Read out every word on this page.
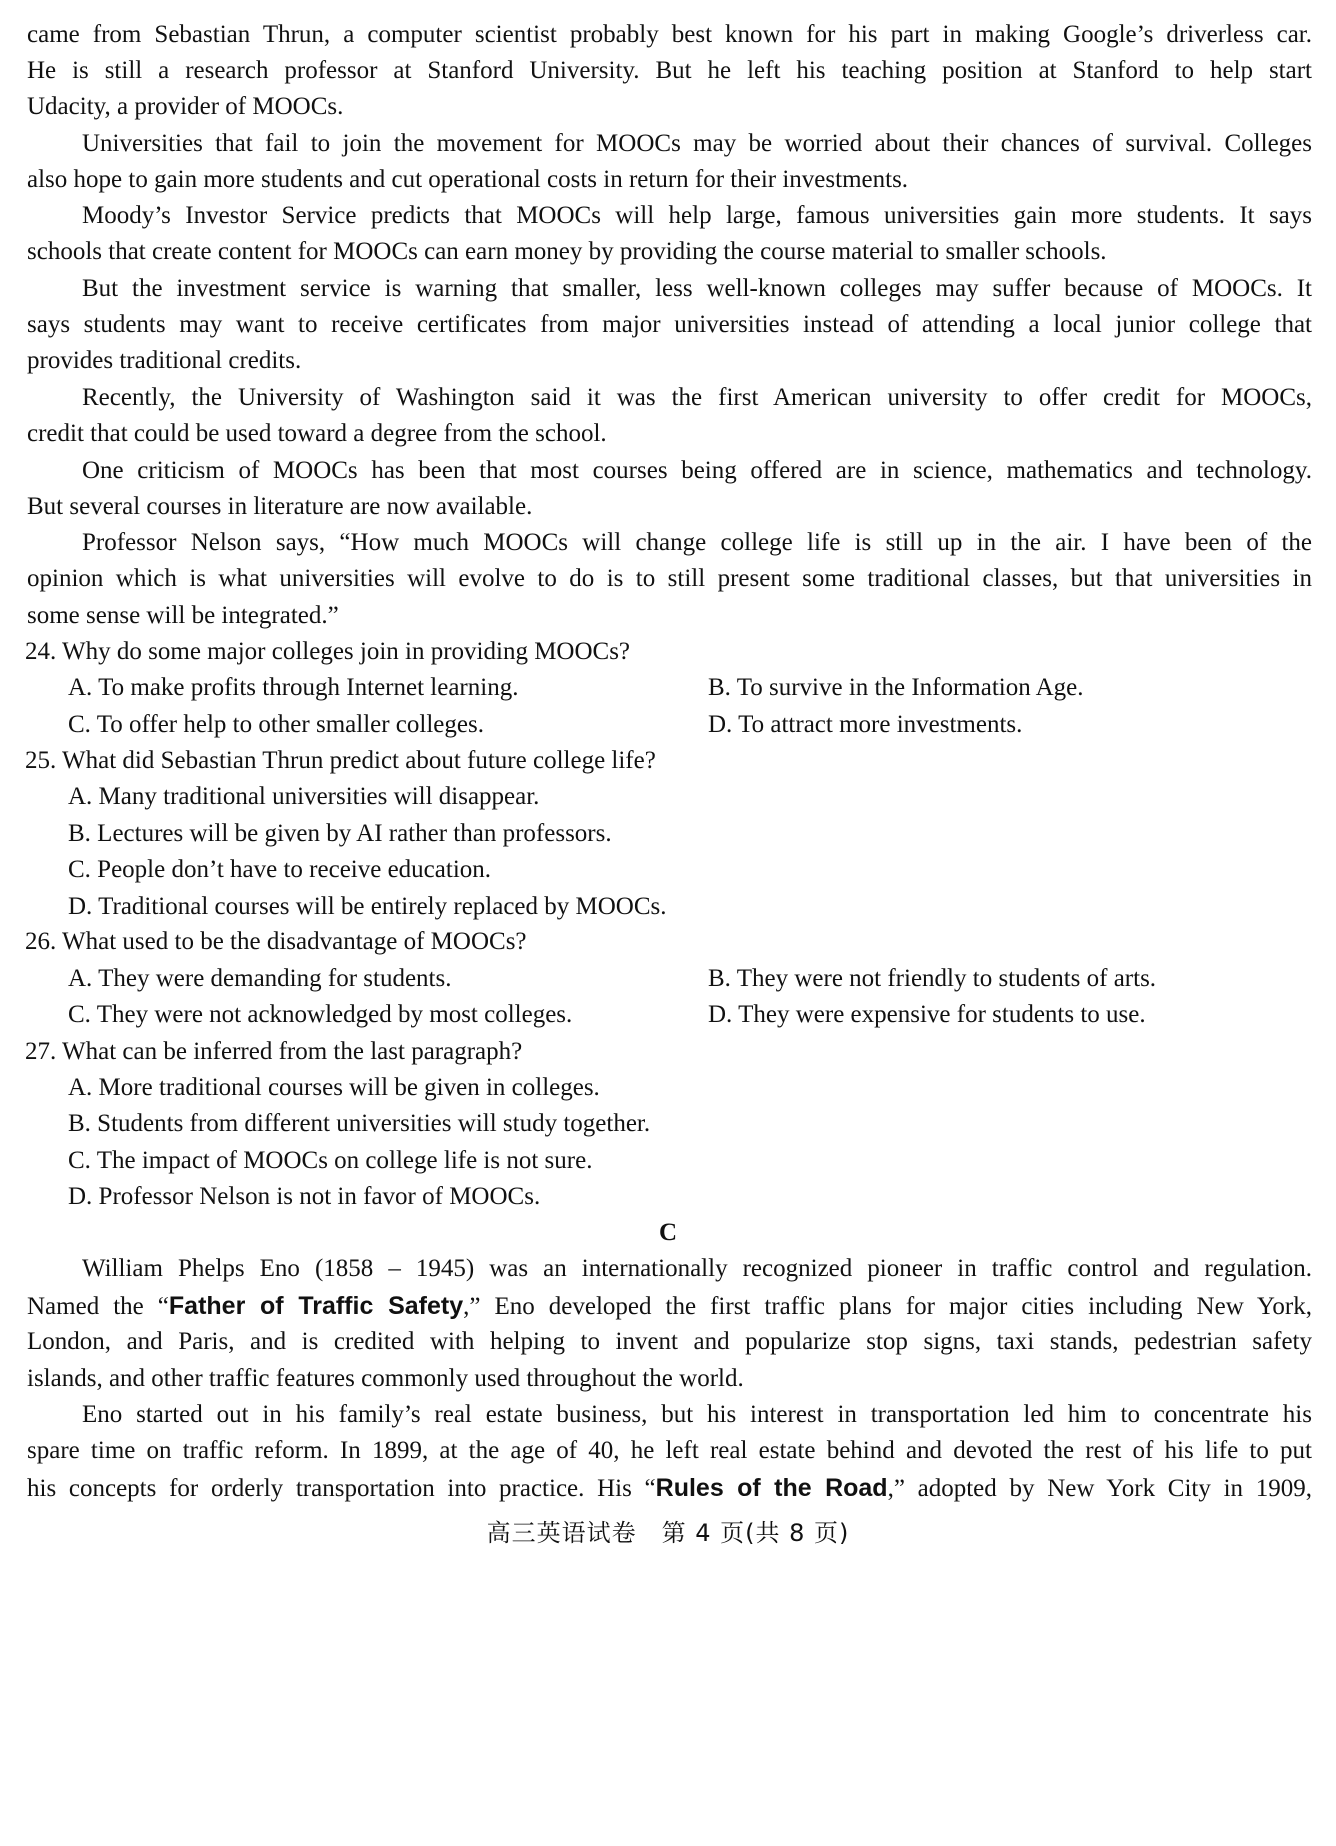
came from Sebastian Thrun, a computer scientist probably best known for his part in making Google’s driverless car.
He is still a research professor at Stanford University. But he left his teaching position at Stanford to help start
Udacity, a provider of MOOCs.
Universities that fail to join the movement for MOOCs may be worried about their chances of survival. Colleges
also hope to gain more students and cut operational costs in return for their investments.
Moody’s Investor Service predicts that MOOCs will help large, famous universities gain more students. It says
schools that create content for MOOCs can earn money by providing the course material to smaller schools.
But the investment service is warning that smaller, less well-known colleges may suffer because of MOOCs. It
says students may want to receive certificates from major universities instead of attending a local junior college that
provides traditional credits.
Recently, the University of Washington said it was the first American university to offer credit for MOOCs,
credit that could be used toward a degree from the school.
One criticism of MOOCs has been that most courses being offered are in science, mathematics and technology.
But several courses in literature are now available.
Professor Nelson says, “How much MOOCs will change college life is still up in the air. I have been of the
opinion which is what universities will evolve to do is to still present some traditional classes, but that universities in
some sense will be integrated.”
24. Why do some major colleges join in providing MOOCs?
A. To make profits through Internet learning.	B. To survive in the Information Age.
C. To offer help to other smaller colleges.	D. To attract more investments.
25. What did Sebastian Thrun predict about future college life?
A. Many traditional universities will disappear.
B. Lectures will be given by AI rather than professors.
C. People don’t have to receive education.
D. Traditional courses will be entirely replaced by MOOCs.
26. What used to be the disadvantage of MOOCs?
A. They were demanding for students.	B. They were not friendly to students of arts.
C. They were not acknowledged by most colleges.	D. They were expensive for students to use.
27. What can be inferred from the last paragraph?
A. More traditional courses will be given in colleges.
B. Students from different universities will study together.
C. The impact of MOOCs on college life is not sure.
D. Professor Nelson is not in favor of MOOCs.
C
William Phelps Eno (1858 – 1945) was an internationally recognized pioneer in traffic control and regulation.
Named the “Father of Traffic Safety,” Eno developed the first traffic plans for major cities including New York,
London, and Paris, and is credited with helping to invent and popularize stop signs, taxi stands, pedestrian safety
islands, and other traffic features commonly used throughout the world.
Eno started out in his family’s real estate business, but his interest in transportation led him to concentrate his
spare time on traffic reform. In 1899, at the age of 40, he left real estate behind and devoted the rest of his life to put
his concepts for orderly transportation into practice. His “Rules of the Road,” adopted by New York City in 1909,
高三英语试卷　第 4 页(共 8 页)
